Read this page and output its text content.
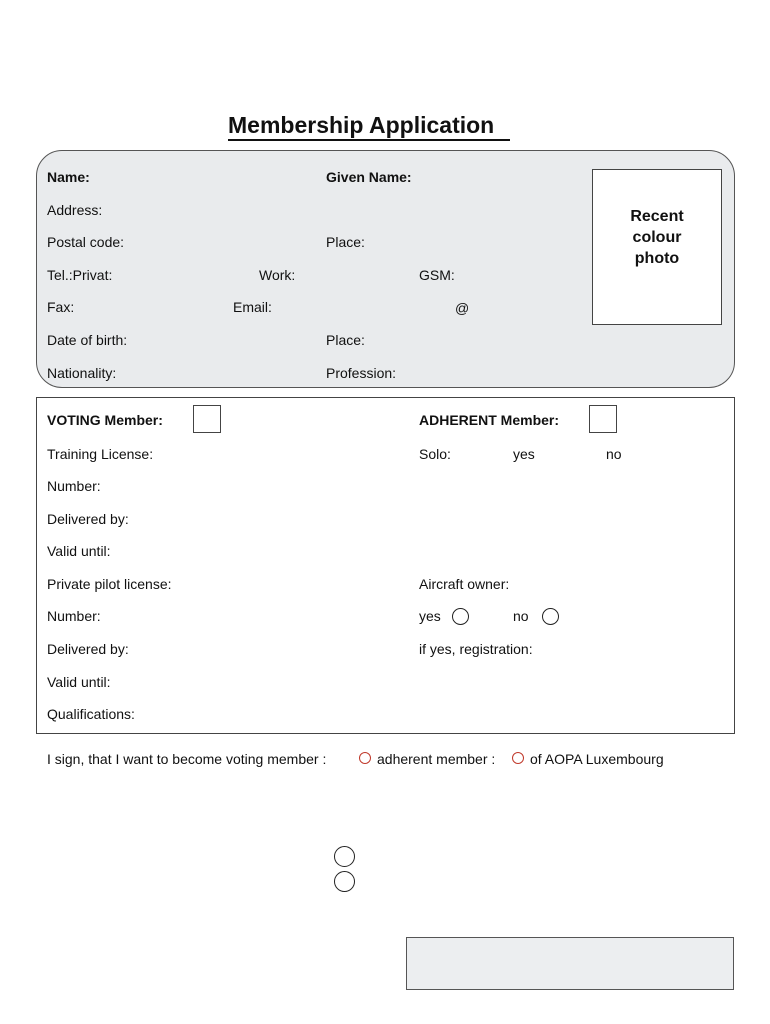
Membership Application
Name:	Given Name:
Address:
Postal code:	Place:
Tel.:Privat:	Work:	GSM:
Fax:	Email:	@
Date of birth:	Place:
Nationality:	Profession:
Recent
colour
photo
VOTING Member:	ADHERENT Member:
Training License:	Solo:	yes	no
Number:
Delivered by:
Valid until:
Private pilot license:	Aircraft owner:
Number:	yes	no
Delivered by:	if yes, registration:
Valid until:
Qualifications:
I sign, that I want to become voting member :	adherent member : of AOPA Luxembourg
